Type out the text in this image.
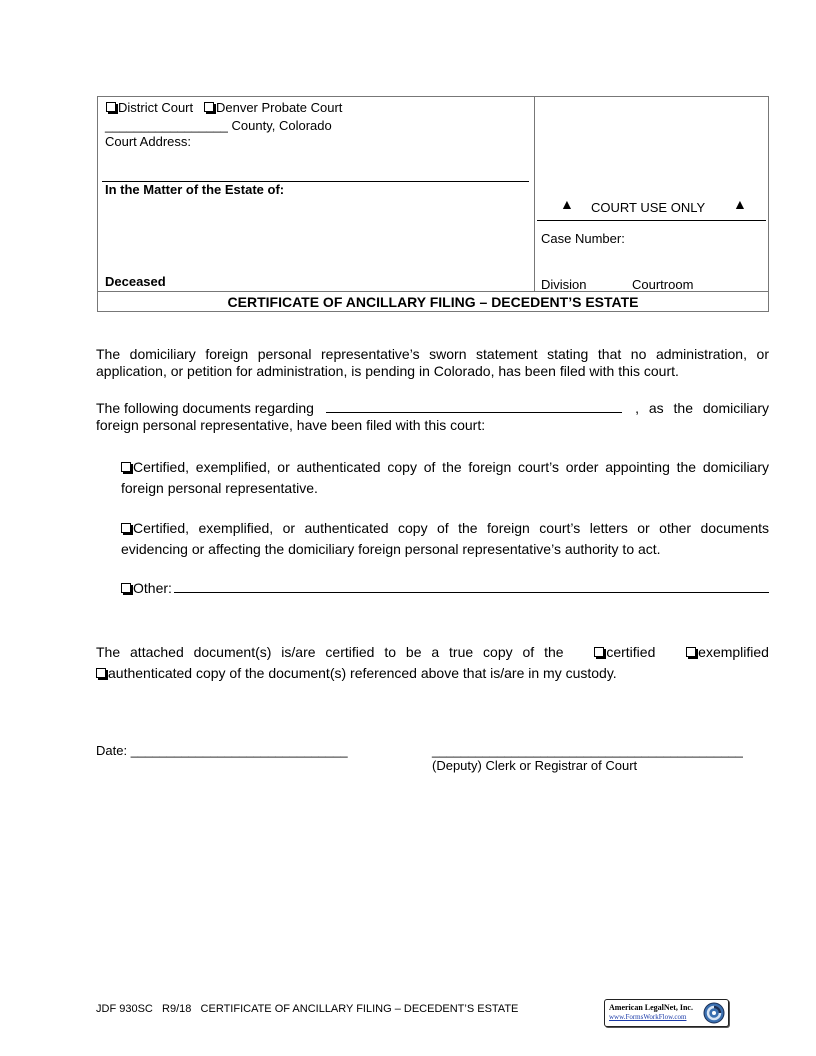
District Court Denver Probate Court
_________________ County, Colorado
Court Address:
In the Matter of the Estate of:
Deceased
▲ COURT USE ONLY ▲
Case Number:
Division	Courtroom
CERTIFICATE OF ANCILLARY FILING – DECEDENT’S ESTATE
The domiciliary foreign personal representative’s sworn statement stating that no administration, or application, or petition for administration, is pending in Colorado, has been filed with this court.
The following documents regarding	, as the domiciliary
foreign personal representative, have been filed with this court:
Certified, exemplified, or authenticated copy of the foreign court’s order appointing the domiciliary foreign personal representative.
Certified, exemplified, or authenticated copy of the foreign court’s letters or other documents evidencing or affecting the domiciliary foreign personal representative’s authority to act.
Other:
The attached document(s) is/are certified to be a true copy of the	certified	exemplified
authenticated copy of the document(s) referenced above that is/are in my custody.
Date: ______________________________	___________________________________________
(Deputy) Clerk or Registrar of Court
JDF 930SC   R9/18   CERTIFICATE OF ANCILLARY FILING – DECEDENT’S ESTATE	American LegalNet, Inc.
www.FormsWorkFlow.com
